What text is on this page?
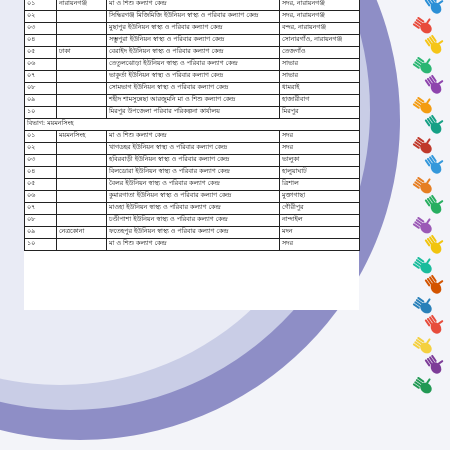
০১	নারায়নগঞ্জ	মা ও শিশু কল্যাণ কেন্দ্র	সদর, নারায়নগঞ্জ
০২		সিদ্ধিরগঞ্জ মিজিমিজি ইউনিয়ন স্বাস্থ্য ও পরিবার কল্যাণ কেন্দ্র	সদর, নারায়নগঞ্জ
০৩		মুছাপুর ইউনিয়ন স্বাস্থ্য ও পরিবার কল্যাণ কেন্দ্র	বন্দর, নারায়নগঞ্জ
০৪		সম্ভুপুরা ইউনিয়ন স্বাস্থ্য ও পরিবার কল্যাণ কেন্দ্র	সোনারগাঁও, নারায়নগঞ্জ
০৫	ঢাকা	বেরাইদ ইউনিয়ন স্বাস্থ্য ও পরিবার কল্যাণ কেন্দ্র	তেজগাঁও
০৬		তেতুলঝোড়া ইউনিয়ন স্বাস্থ্য ও পরিবার কল্যাণ কেন্দ্র	সাভার
০৭		ভাকুর্তা ইউনিয়ন স্বাস্থ্য ও পরিবার কল্যাণ কেন্দ্র	সাভার
০৮		সোমভাগ ইউনিয়ন স্বাস্থ্য ও পরিবার কল্যাণ কেন্দ্র	ধামরাই
০৯		শহীদ শামসুন্নেছা আরজুমনি মা ও শিশু কল্যাণ কেন্দ্র	হাজারীবাগ
১০		মিরপুর উপজেলা পরিবার পরিকল্পনা কার্যালয়	মিরপুর
বিভাগ: ময়মনসিংহ			
০১	ময়মনসিংহ	মা ও শিশু কল্যাণ কেন্দ্র	সদর
০২		খাগডহর ইউনিয়ন স্বাস্থ্য ও পরিবার কল্যাণ কেন্দ্র	সদর
০৩		হবিরবাড়ী ইউনিয়ন স্বাস্থ্য ও পরিবার কল্যাণ কেন্দ্র	ভালুকা
০৪		বিলডোরা ইউনিয়ন স্বাস্থ্য ও পরিবার কল্যাণ কেন্দ্র	হালুয়াঘাট
০৫		বৈলর ইউনিয়ন স্বাস্থ্য ও পরিবার কল্যাণ কেন্দ্র	ত্রিশাল
০৬		কুমারগাতা ইউনিয়ন স্বাস্থ্য ও পরিবার কল্যাণ কেন্দ্র	মুক্তাগাছা
০৭		মাওহা ইউনিয়ন স্বাস্থ্য ও পরিবার কল্যাণ কেন্দ্র	গৌরীপুর
০৮		চণ্ডীপাশা ইউনিয়ন স্বাস্থ্য ও পরিবার কল্যাণ কেন্দ্র	নান্দাইল
০৯	নেত্রকোনা	ফতেহপুর ইউনিয়ন স্বাস্থ্য ও পরিবার কল্যাণ কেন্দ্র	মদন
১০		মা ও শিশু কল্যাণ কেন্দ্র	সদর
